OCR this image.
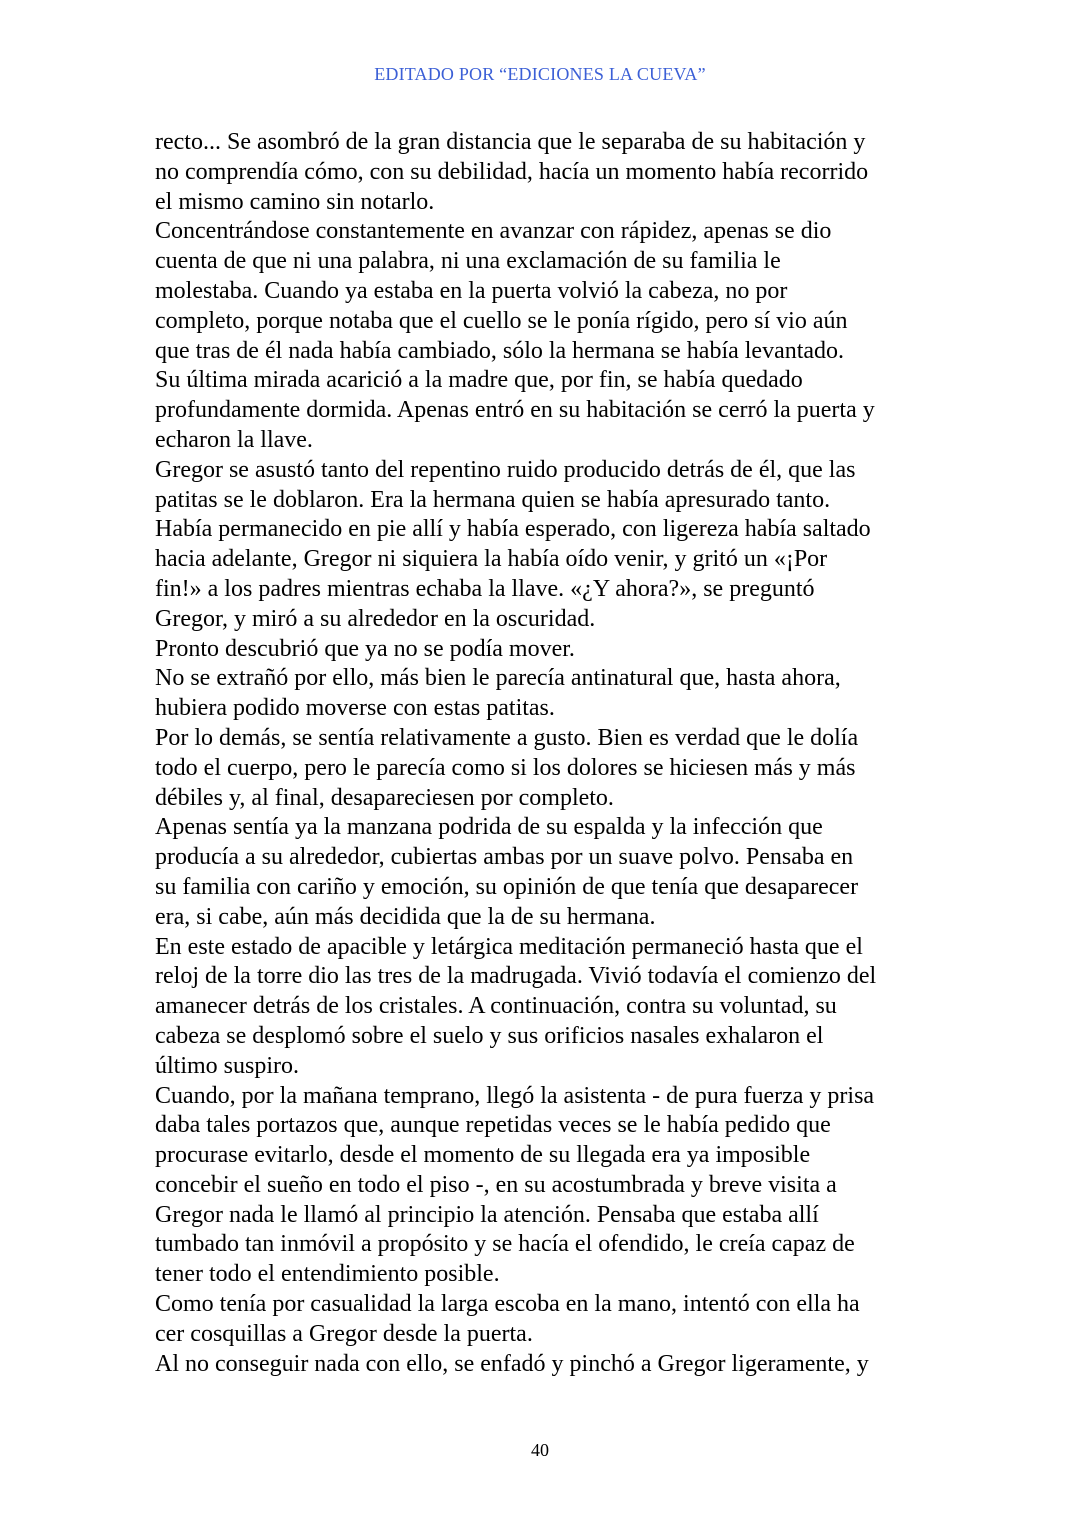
EDITADO POR “EDICIONES LA CUEVA”

recto... Se asombró de la gran distancia que le separaba de su habitación y
no comprendía cómo, con su debilidad, hacía un momento había recorrido
el mismo camino sin notarlo.

Concentrándose constantemente en avanzar con rápidez, apenas se dio
cuenta de que ni una palabra, ni una exclamación de su familia le
molestaba. Cuando ya estaba en la puerta volvió la cabeza, no por
completo, porque notaba que el cuello se le ponía rígido, pero sí vio aún
que tras de él nada había cambiado, sólo la hermana se había levantado.
Su última mirada acarició a la madre que, por fin, se había quedado
profundamente dormida. Apenas entró en su habitación se cerró la puerta y
echaron la llave.

Gregor se asustó tanto del repentino ruido producido detrás de él, que las
patitas se le doblaron. Era la hermana quien se había apresurado tanto.
Había permanecido en pie allí y había esperado, con ligereza había saltado
hacia adelante, Gregor ni siquiera la había oído venir, y gritó un «¡Por
fin!» a los padres mientras echaba la llave. «¿Y ahora?», se preguntó
Gregor, y miró a su alrededor en la oscuridad.

Pronto descubrió que ya no se podía mover.

No se extrañó por ello, más bien le parecía antinatural que, hasta ahora,
hubiera podido moverse con estas patitas.

Por lo demás, se sentía relativamente a gusto. Bien es verdad que le dolía
todo el cuerpo, pero le parecía como si los dolores se hiciesen más y más
débiles y, al final, desapareciesen por completo.

Apenas sentía ya la manzana podrida de su espalda y la infección que
producía a su alrededor, cubiertas ambas por un suave polvo. Pensaba en
su familia con cariño y emoción, su opinión de que tenía que desaparecer
era, si cabe, aún más decidida que la de su hermana.

En este estado de apacible y letárgica meditación permaneció hasta que el
reloj de la torre dio las tres de la madrugada. Vivió todavía el comienzo del
amanecer detrás de los cristales. A continuación, contra su voluntad, su
cabeza se desplomó sobre el suelo y sus orificios nasales exhalaron el
último suspiro.

Cuando, por la mañana temprano, llegó la asistenta - de pura fuerza y prisa
daba tales portazos que, aunque repetidas veces se le había pedido que
procurase evitarlo, desde el momento de su llegada era ya imposible
concebir el sueño en todo el piso -, en su acostumbrada y breve visita a
Gregor nada le llamó al principio la atención. Pensaba que estaba allí
tumbado tan inmóvil a propósito y se hacía el ofendido, le creía capaz de
tener todo el entendimiento posible.

Como tenía por casualidad la larga escoba en la mano, intentó con ella ha
cer cosquillas a Gregor desde la puerta.

Al no conseguir nada con ello, se enfadó y pinchó a Gregor ligeramente, y

40
